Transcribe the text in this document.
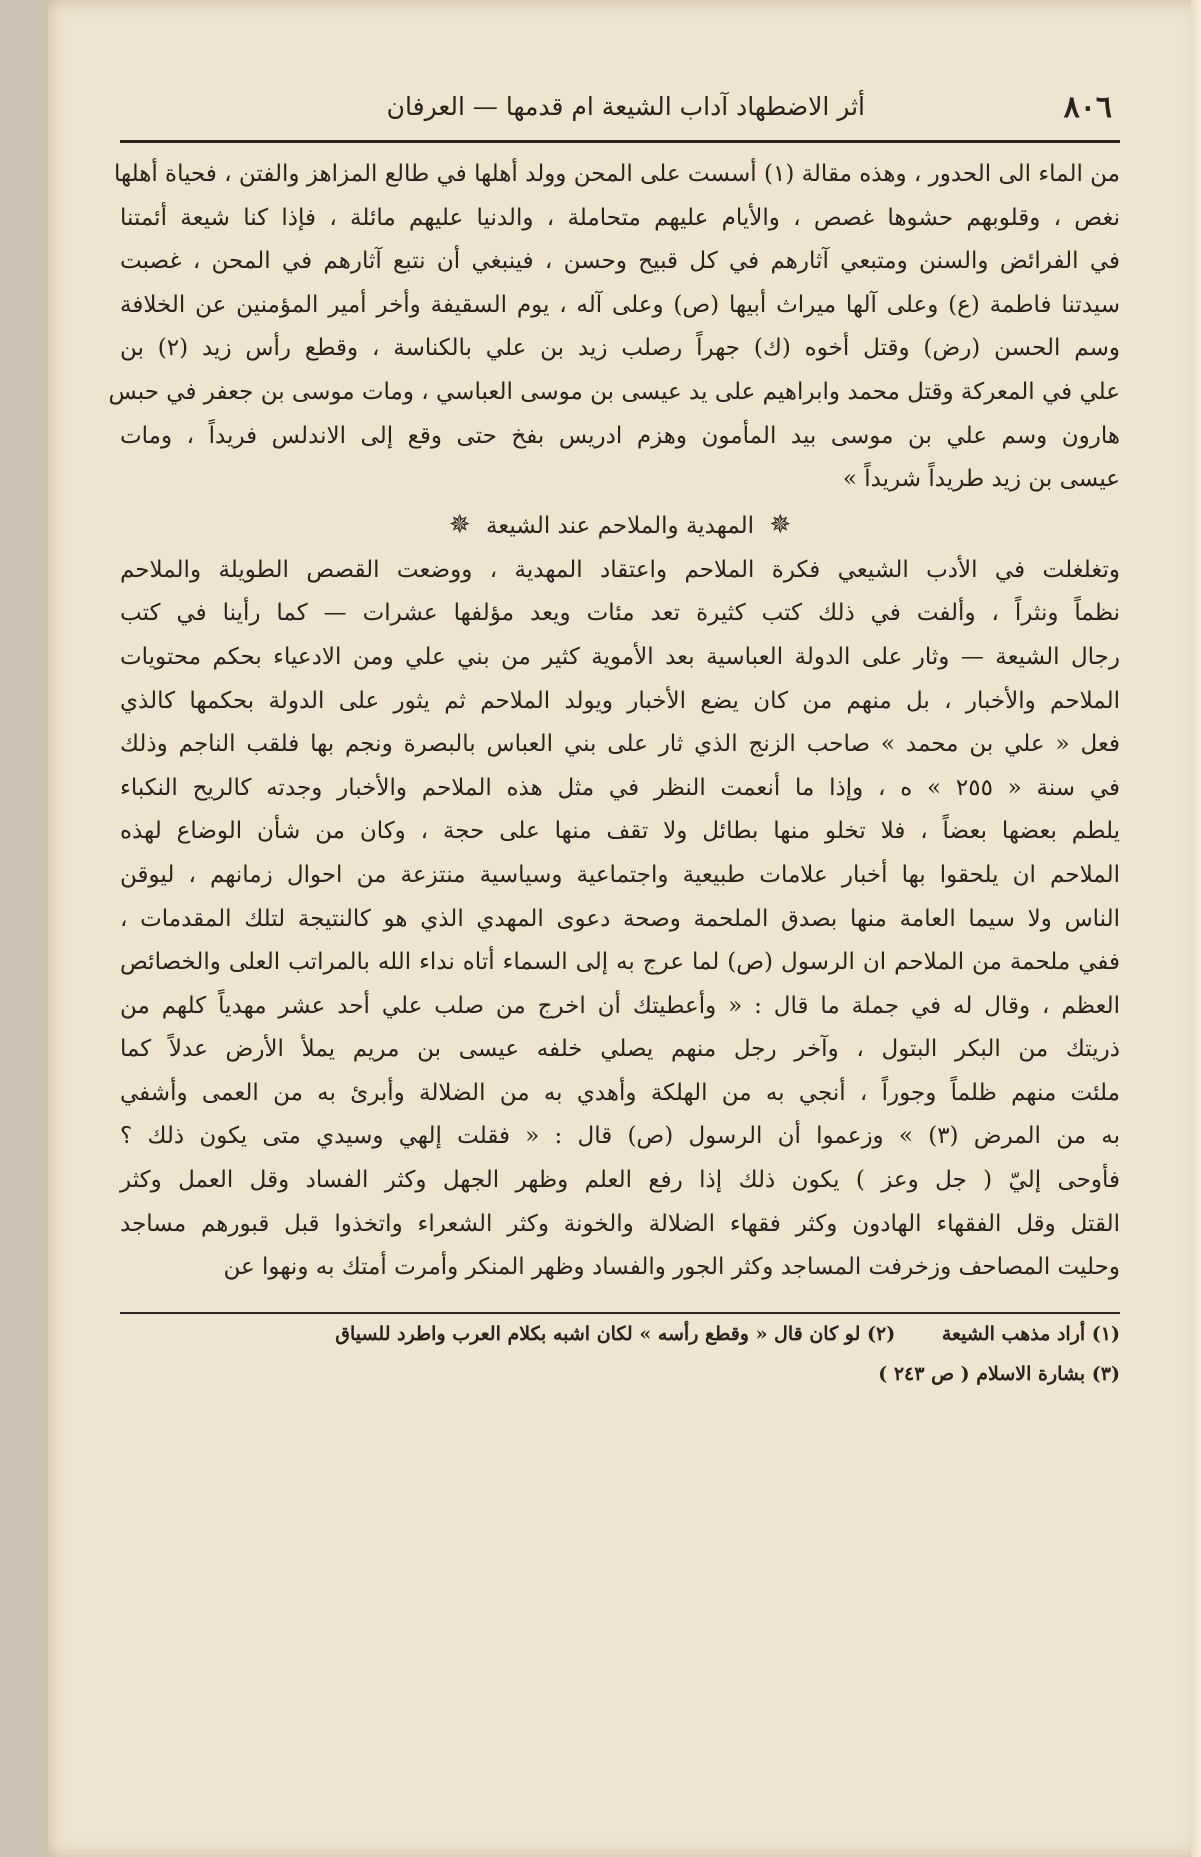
٨٠٦
أثر الاضطهاد آداب الشيعة ام قدمها — العرفان
من الماء الى الحدور ، وهذه مقالة (١) أسست على المحن وولد أهلها في طالع المزاهز والفتن ، فحياة أهلها
نغص ، وقلوبهم حشوها غصص ، والأيام عليهم متحاملة ، والدنيا عليهم مائلة ، فإذا كنا شيعة أئمتنا
في الفرائض والسنن ومتبعي آثارهم في كل قبيح وحسن ، فينبغي أن نتبع آثارهم في المحن ، غصبت
سيدتنا فاطمة (ع) وعلى آلها ميراث أبيها (ص) وعلى آله ، يوم السقيفة وأخر أمير المؤمنين عن الخلافة
وسم الحسن (رض) وقتل أخوه (ك) جهراً رصلب زيد بن علي بالكناسة ، وقطع رأس زيد (٢) بن
علي في المعركة وقتل محمد وابراهيم على يد عيسى بن موسى العباسي ، ومات موسى بن جعفر في حبس
هارون وسم علي بن موسى بيد المأمون وهزم ادريس بفخ حتى وقع إلى الاندلس فريداً ، ومات
عيسى بن زيد طريداً شريداً »
✵ المهدية والملاحم عند الشيعة ✵
وتغلغلت في الأدب الشيعي فكرة الملاحم واعتقاد المهدية ، ووضعت القصص الطويلة والملاحم
نظماً ونثراً ، وألفت في ذلك كتب كثيرة تعد مئات ويعد مؤلفها عشرات — كما رأينا في كتب
رجال الشيعة — وثار على الدولة العباسية بعد الأموية كثير من بني علي ومن الادعياء بحكم محتويات
الملاحم والأخبار ، بل منهم من كان يضع الأخبار ويولد الملاحم ثم يثور على الدولة بحكمها كالذي
فعل « علي بن محمد » صاحب الزنج الذي ثار على بني العباس بالبصرة ونجم بها فلقب الناجم وذلك
في سنة « ٢٥٥ » ه ، وإذا ما أنعمت النظر في مثل هذه الملاحم والأخبار وجدته كالريح النكباء
يلطم بعضها بعضاً ، فلا تخلو منها بطائل ولا تقف منها على حجة ، وكان من شأن الوضاع لهذه
الملاحم ان يلحقوا بها أخبار علامات طبيعية واجتماعية وسياسية منتزعة من احوال زمانهم ، ليوقن
الناس ولا سيما العامة منها بصدق الملحمة وصحة دعوى المهدي الذي هو كالنتيجة لتلك المقدمات ،
ففي ملحمة من الملاحم ان الرسول (ص) لما عرج به إلى السماء أتاه نداء الله بالمراتب العلى والخصائص
العظم ، وقال له في جملة ما قال : « وأعطيتك أن اخرج من صلب علي أحد عشر مهدياً كلهم من
ذريتك من البكر البتول ، وآخر رجل منهم يصلي خلفه عيسى بن مريم يملأ الأرض عدلاً كما
ملئت منهم ظلماً وجوراً ، أنجي به من الهلكة وأهدي به من الضلالة وأبرئ به من العمى وأشفي
به من المرض (٣) » وزعموا أن الرسول (ص) قال : « فقلت إلهي وسيدي متى يكون ذلك ؟
فأوحى إليّ ( جل وعز ) يكون ذلك إذا رفع العلم وظهر الجهل وكثر الفساد وقل العمل وكثر
القتل وقل الفقهاء الهادون وكثر فقهاء الضلالة والخونة وكثر الشعراء واتخذوا قبل قبورهم مساجد
وحليت المصاحف وزخرفت المساجد وكثر الجور والفساد وظهر المنكر وأمرت أمتك به ونهوا عن
(١) أراد مذهب الشيعة (٢) لو كان قال « وقطع رأسه » لكان اشبه بكلام العرب واطرد للسياق
(٣) بشارة الاسلام ( ص ٢٤٣ )
